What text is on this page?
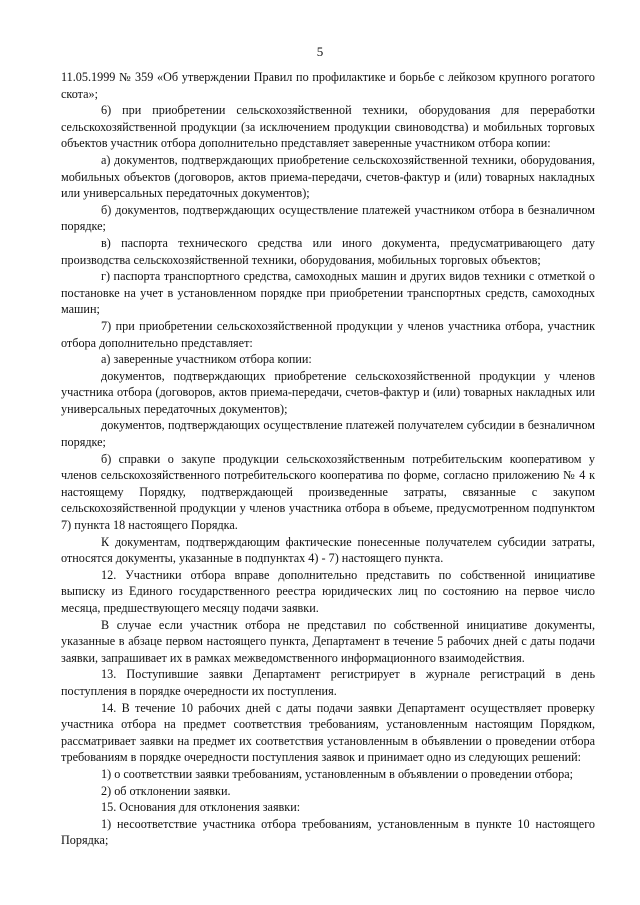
5

11.05.1999 № 359 «Об утверждении Правил по профилактике и борьбе с лейкозом крупного рогатого скота»;

6) при приобретении сельскохозяйственной техники, оборудования для переработки сельскохозяйственной продукции (за исключением продукции свиноводства) и мобильных торговых объектов участник отбора дополнительно представляет заверенные участником отбора копии:

а) документов, подтверждающих приобретение сельскохозяйственной техники, оборудования, мобильных объектов (договоров, актов приема-передачи, счетов-фактур и (или) товарных накладных или универсальных передаточных документов);

б) документов, подтверждающих осуществление платежей участником отбора в безналичном порядке;

в) паспорта технического средства или иного документа, предусматривающего дату производства сельскохозяйственной техники, оборудования, мобильных торговых объектов;

г) паспорта транспортного средства, самоходных машин и других видов техники с отметкой о постановке на учет в установленном порядке при приобретении транспортных средств, самоходных машин;

7) при приобретении сельскохозяйственной продукции у членов участника отбора, участник отбора дополнительно представляет:

а) заверенные участником отбора копии:

документов, подтверждающих приобретение сельскохозяйственной продукции у членов участника отбора (договоров, актов приема-передачи, счетов-фактур и (или) товарных накладных или универсальных передаточных документов);

документов, подтверждающих осуществление платежей получателем субсидии в безналичном порядке;

б) справки о закупе продукции сельскохозяйственным потребительским кооперативом у членов сельскохозяйственного потребительского кооператива по форме, согласно приложению № 4 к настоящему Порядку, подтверждающей произведенные затраты, связанные с закупом сельскохозяйственной продукции у членов участника отбора в объеме, предусмотренном подпунктом 7) пункта 18 настоящего Порядка.

К документам, подтверждающим фактические понесенные получателем субсидии затраты, относятся документы, указанные в подпунктах 4) - 7) настоящего пункта.

12. Участники отбора вправе дополнительно представить по собственной инициативе выписку из Единого государственного реестра юридических лиц по состоянию на первое число месяца, предшествующего месяцу подачи заявки.

В случае если участник отбора не представил по собственной инициативе документы, указанные в абзаце первом настоящего пункта, Департамент в течение 5 рабочих дней с даты подачи заявки, запрашивает их в рамках межведомственного информационного взаимодействия.

13. Поступившие заявки Департамент регистрирует в журнале регистраций в день поступления в порядке очередности их поступления.

14. В течение 10 рабочих дней с даты подачи заявки Департамент осуществляет проверку участника отбора на предмет соответствия требованиям, установленным настоящим Порядком, рассматривает заявки на предмет их соответствия установленным в объявлении о проведении отбора требованиям в порядке очередности поступления заявок и принимает одно из следующих решений:

1) о соответствии заявки требованиям, установленным в объявлении о проведении отбора;

2) об отклонении заявки.

15. Основания для отклонения заявки:

1) несоответствие участника отбора требованиям, установленным в пункте 10 настоящего Порядка;
